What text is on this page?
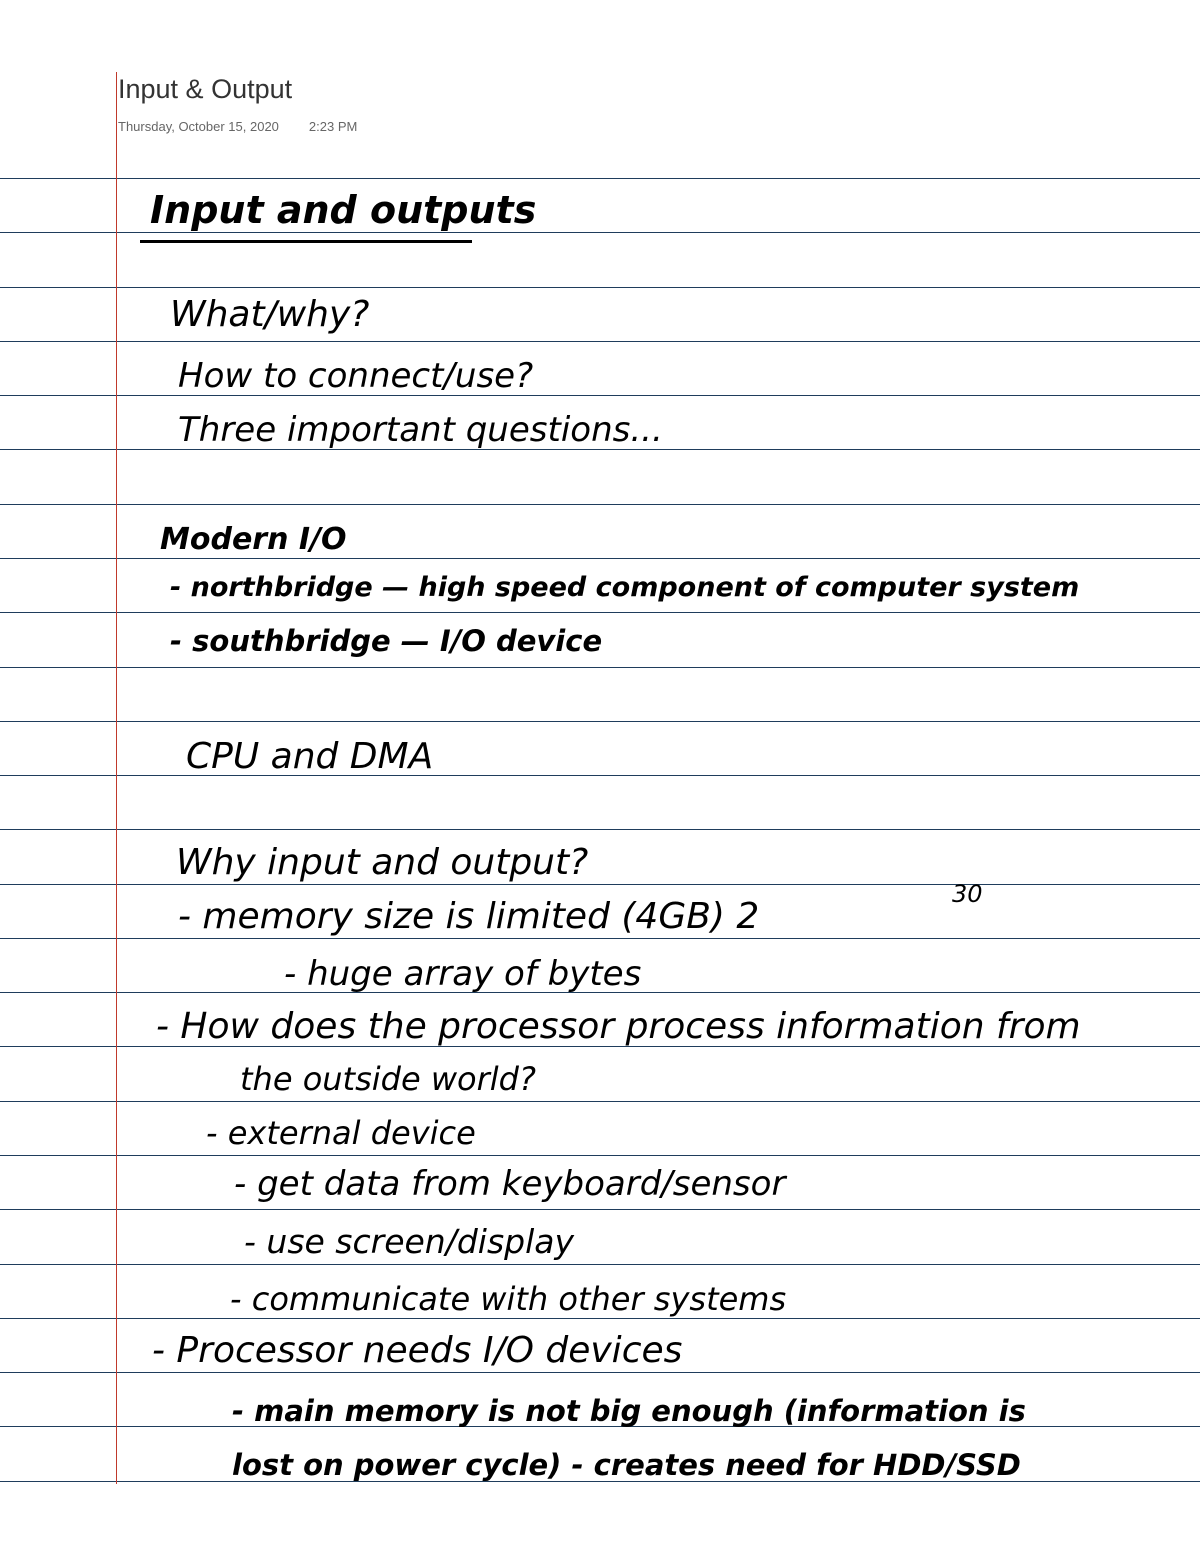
Input & Output
Thursday, October 15, 2020 2:23 PM
Input and outputs
What/why?
How to connect/use?
Three important questions...
Modern I/O
- northbridge — high speed component of computer system
- southbridge — I/O device
CPU and DMA
Why input and output?
- memory size is limited (4GB) 2
30
- huge array of bytes
- How does the processor process information from
the outside world?
- external device
- get data from keyboard/sensor
- use screen/display
- communicate with other systems
- Processor needs I/O devices
- main memory is not big enough (information is
lost on power cycle) - creates need for HDD/SSD
